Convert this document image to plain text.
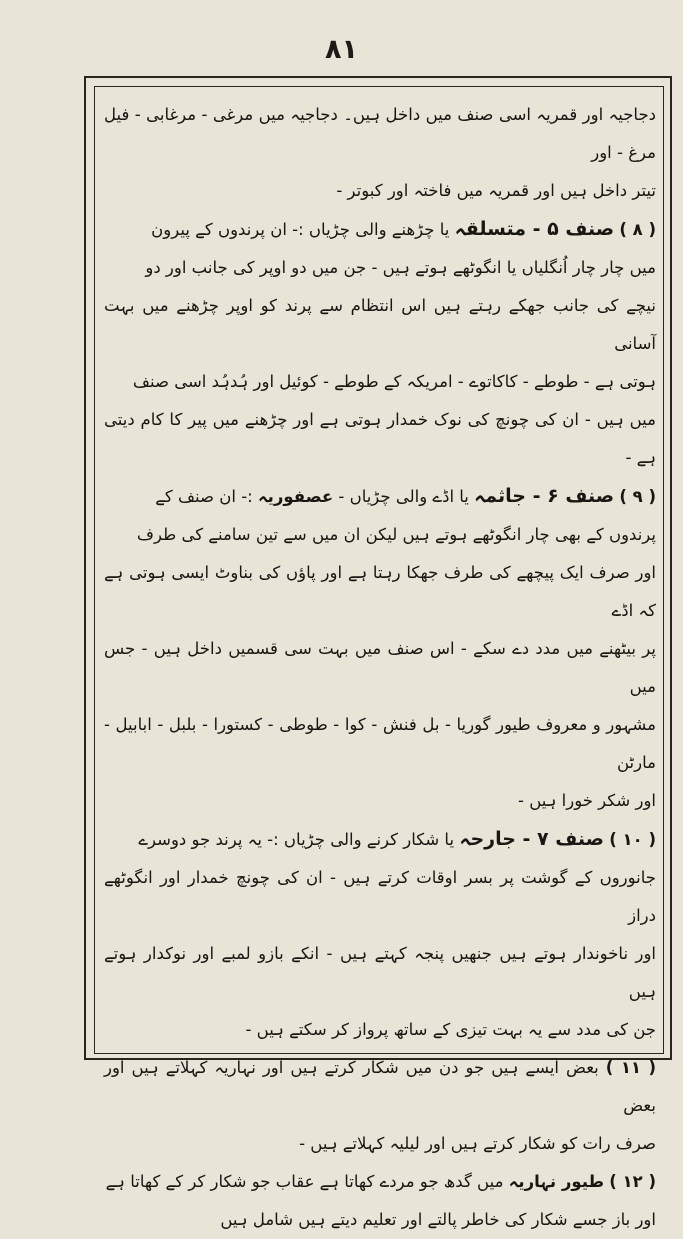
۸۱

دجاجیہ اور قمریہ اسی صنف میں داخل ہیں۔ دجاجیہ میں مرغی - مرغابی - فیل مرغ - اور
تیتر داخل ہیں اور قمریہ میں فاختہ اور کبوتر -

( ۸ ) صنف ۵ - متسلقہ یا چڑھنے والی چڑیاں :- ان پرندوں کے پیرون
میں چار چار اُنگلیاں یا انگوٹھے ہوتے ہیں - جن میں دو اوپر کی جانب اور دو
نیچے کی جانب جھکے رہتے ہیں اس انتظام سے پرند کو اوپر چڑھنے میں بہت آسانی
ہوتی ہے - طوطے - کاکاتوے - امریکہ کے طوطے - کوئیل اور ہُدہُد اسی صنف
میں ہیں - ان کی چونچ کی نوک خمدار ہوتی ہے اور چڑھنے میں پیر کا کام دیتی ہے -

( ۹ ) صنف ۶ - جاثمہ یا اڈے والی چڑیاں - عصفوریہ :- ان صنف کے
پرندوں کے بھی چار انگوٹھے ہوتے ہیں لیکن ان میں سے تین سامنے کی طرف
اور صرف ایک پیچھے کی طرف جھکا رہتا ہے اور پاؤں کی بناوٹ ایسی ہوتی ہے کہ اڈے
پر بیٹھنے میں مدد دے سکے - اس صنف میں بہت سی قسمیں داخل ہیں - جس میں
مشہور و معروف طیور گوریا - بل فنش - کوا - طوطی - کستورا - بلبل - ابابیل - مارٹن
اور شکر خورا ہیں -

( ۱۰ ) صنف ۷ - جارحہ یا شکار کرنے والی چڑیاں :- یہ پرند جو دوسرے
جانوروں کے گوشت پر بسر اوقات کرتے ہیں - ان کی چونچ خمدار اور انگوٹھے دراز
اور ناخوندار ہوتے ہیں جنھیں پنجہ کہتے ہیں - انکے بازو لمبے اور نوکدار ہوتے ہیں
جن کی مدد سے یہ بہت تیزی کے ساتھ پرواز کر سکتے ہیں -

( ۱۱ ) بعض ایسے ہیں جو دن میں شکار کرتے ہیں اور نہاریہ کہلاتے ہیں اور بعض
صرف رات کو شکار کرتے ہیں اور لیلیہ کہلاتے ہیں -

( ۱۲ ) طیور نہاریہ میں گدھ جو مردے کھاتا ہے عقاب جو شکار کر کے کھاتا ہے
اور باز جسے شکار کی خاطر پالتے اور تعلیم دیتے ہیں شامل ہیں
